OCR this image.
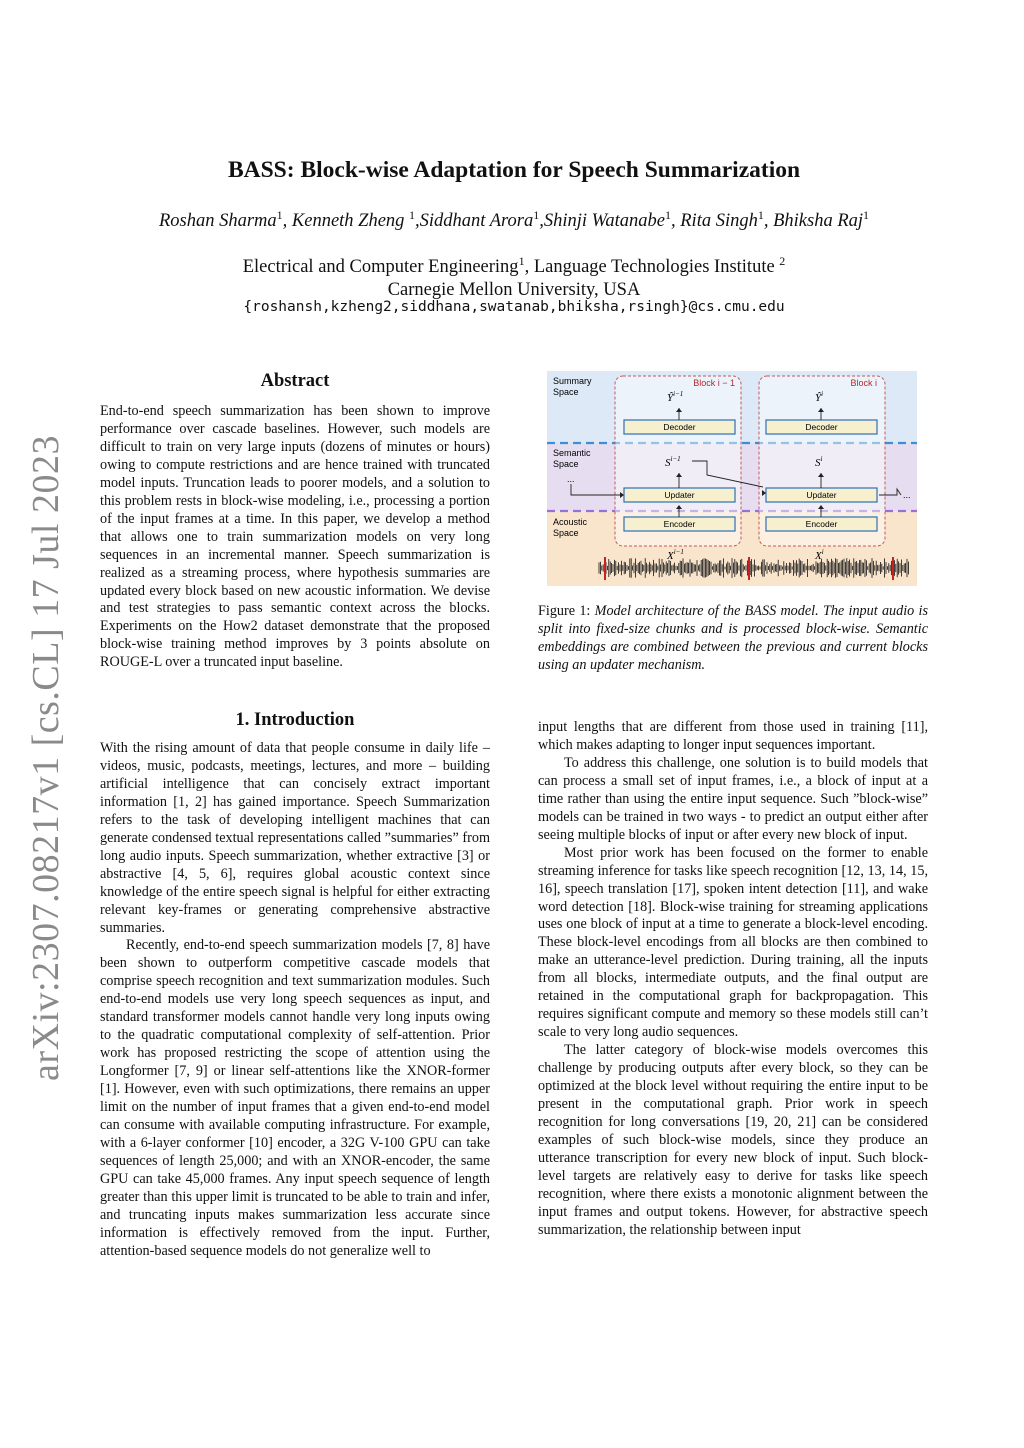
arXiv:2307.08217v1 [cs.CL] 17 Jul 2023
BASS: Block-wise Adaptation for Speech Summarization
Roshan Sharma$^1$, Kenneth Zheng $^1$,Siddhant Arora$^1$,Shinji Watanabe$^1$, Rita Singh$^1$, Bhiksha Raj$^1$
Electrical and Computer Engineering$^1$, Language Technologies Institute $^2$
Carnegie Mellon University, USA
{roshansh,kzheng2,siddhana,swatanab,bhiksha,rsingh}@cs.cmu.edu
Abstract

End-to-end speech summarization has been shown to improve performance over cascade baselines. However, such models are difficult to train on very large inputs (dozens of minutes or hours) owing to compute restrictions and are hence trained with truncated model inputs. Truncation leads to poorer models, and a solution to this problem rests in block-wise modeling, i.e., processing a portion of the input frames at a time. In this paper, we develop a method that allows one to train summarization models on very long sequences in an incremental manner. Speech summarization is realized as a streaming process, where hypothesis summaries are updated every block based on new acoustic information. We devise and test strategies to pass semantic context across the blocks. Experiments on the How2 dataset demonstrate that the proposed block-wise training method improves by 3 points absolute on ROUGE-L over a truncated input baseline.

1. Introduction

With the rising amount of data that people consume in daily life – videos, music, podcasts, meetings, lectures, and more – building artificial intelligence that can concisely extract important information [1, 2] has gained importance. Speech Summarization refers to the task of developing intelligent machines that can generate condensed textual representations called ”summaries” from long audio inputs. Speech summarization, whether extractive [3] or abstractive [4, 5, 6], requires global acoustic context since knowledge of the entire speech signal is helpful for either extracting relevant key-frames or generating comprehensive abstractive summaries.

Recently, end-to-end speech summarization models [7, 8] have been shown to outperform competitive cascade models that comprise speech recognition and text summarization modules. Such end-to-end models use very long speech sequences as input, and standard transformer models cannot handle very long inputs owing to the quadratic computational complexity of self-attention. Prior work has proposed restricting the scope of attention using the Longformer [7, 9] or linear self-attentions like the XNOR-former [1]. However, even with such optimizations, there remains an upper limit on the number of input frames that a given end-to-end model can consume with available computing infrastructure. For example, with a 6-layer conformer [10] encoder, a 32G V-100 GPU can take sequences of length 25,000; and with an XNOR-encoder, the same GPU can take 45,000 frames. Any input speech sequence of length greater than this upper limit is truncated to be able to train and infer, and truncating inputs makes summarization less accurate since information is effectively removed from the input. Further, attention-based sequence models do not generalize well to

Summary
Space
Semantic
Space
Acoustic
Space
Block i − 1
$Ŷ^{i-1}$
Decoder
$S^{i-1}$
Updater
Encoder
$X^{i-1}$
Block i
$Ŷ^i$
Decoder
$S^i$
Updater
Encoder
$X^i$
...
...
Figure 1: Model architecture of the BASS model. The input audio is split into fixed-size chunks and is processed block-wise. Semantic embeddings are combined between the previous and current blocks using an updater mechanism.

input lengths that are different from those used in training [11], which makes adapting to longer input sequences important.

To address this challenge, one solution is to build models that can process a small set of input frames, i.e., a block of input at a time rather than using the entire input sequence. Such ”block-wise” models can be trained in two ways - to predict an output either after seeing multiple blocks of input or after every new block of input.

Most prior work has been focused on the former to enable streaming inference for tasks like speech recognition [12, 13, 14, 15, 16], speech translation [17], spoken intent detection [11], and wake word detection [18]. Block-wise training for streaming applications uses one block of input at a time to generate a block-level encoding. These block-level encodings from all blocks are then combined to make an utterance-level prediction. During training, all the inputs from all blocks, intermediate outputs, and the final output are retained in the computational graph for backpropagation. This requires significant compute and memory so these models still can’t scale to very long audio sequences.

The latter category of block-wise models overcomes this challenge by producing outputs after every block, so they can be optimized at the block level without requiring the entire input to be present in the computational graph. Prior work in speech recognition for long conversations [19, 20, 21] can be considered examples of such block-wise models, since they produce an utterance transcription for every new block of input. Such block-level targets are relatively easy to derive for tasks like speech recognition, where there exists a monotonic alignment between the input frames and output tokens. However, for abstractive speech summarization, the relationship between input
